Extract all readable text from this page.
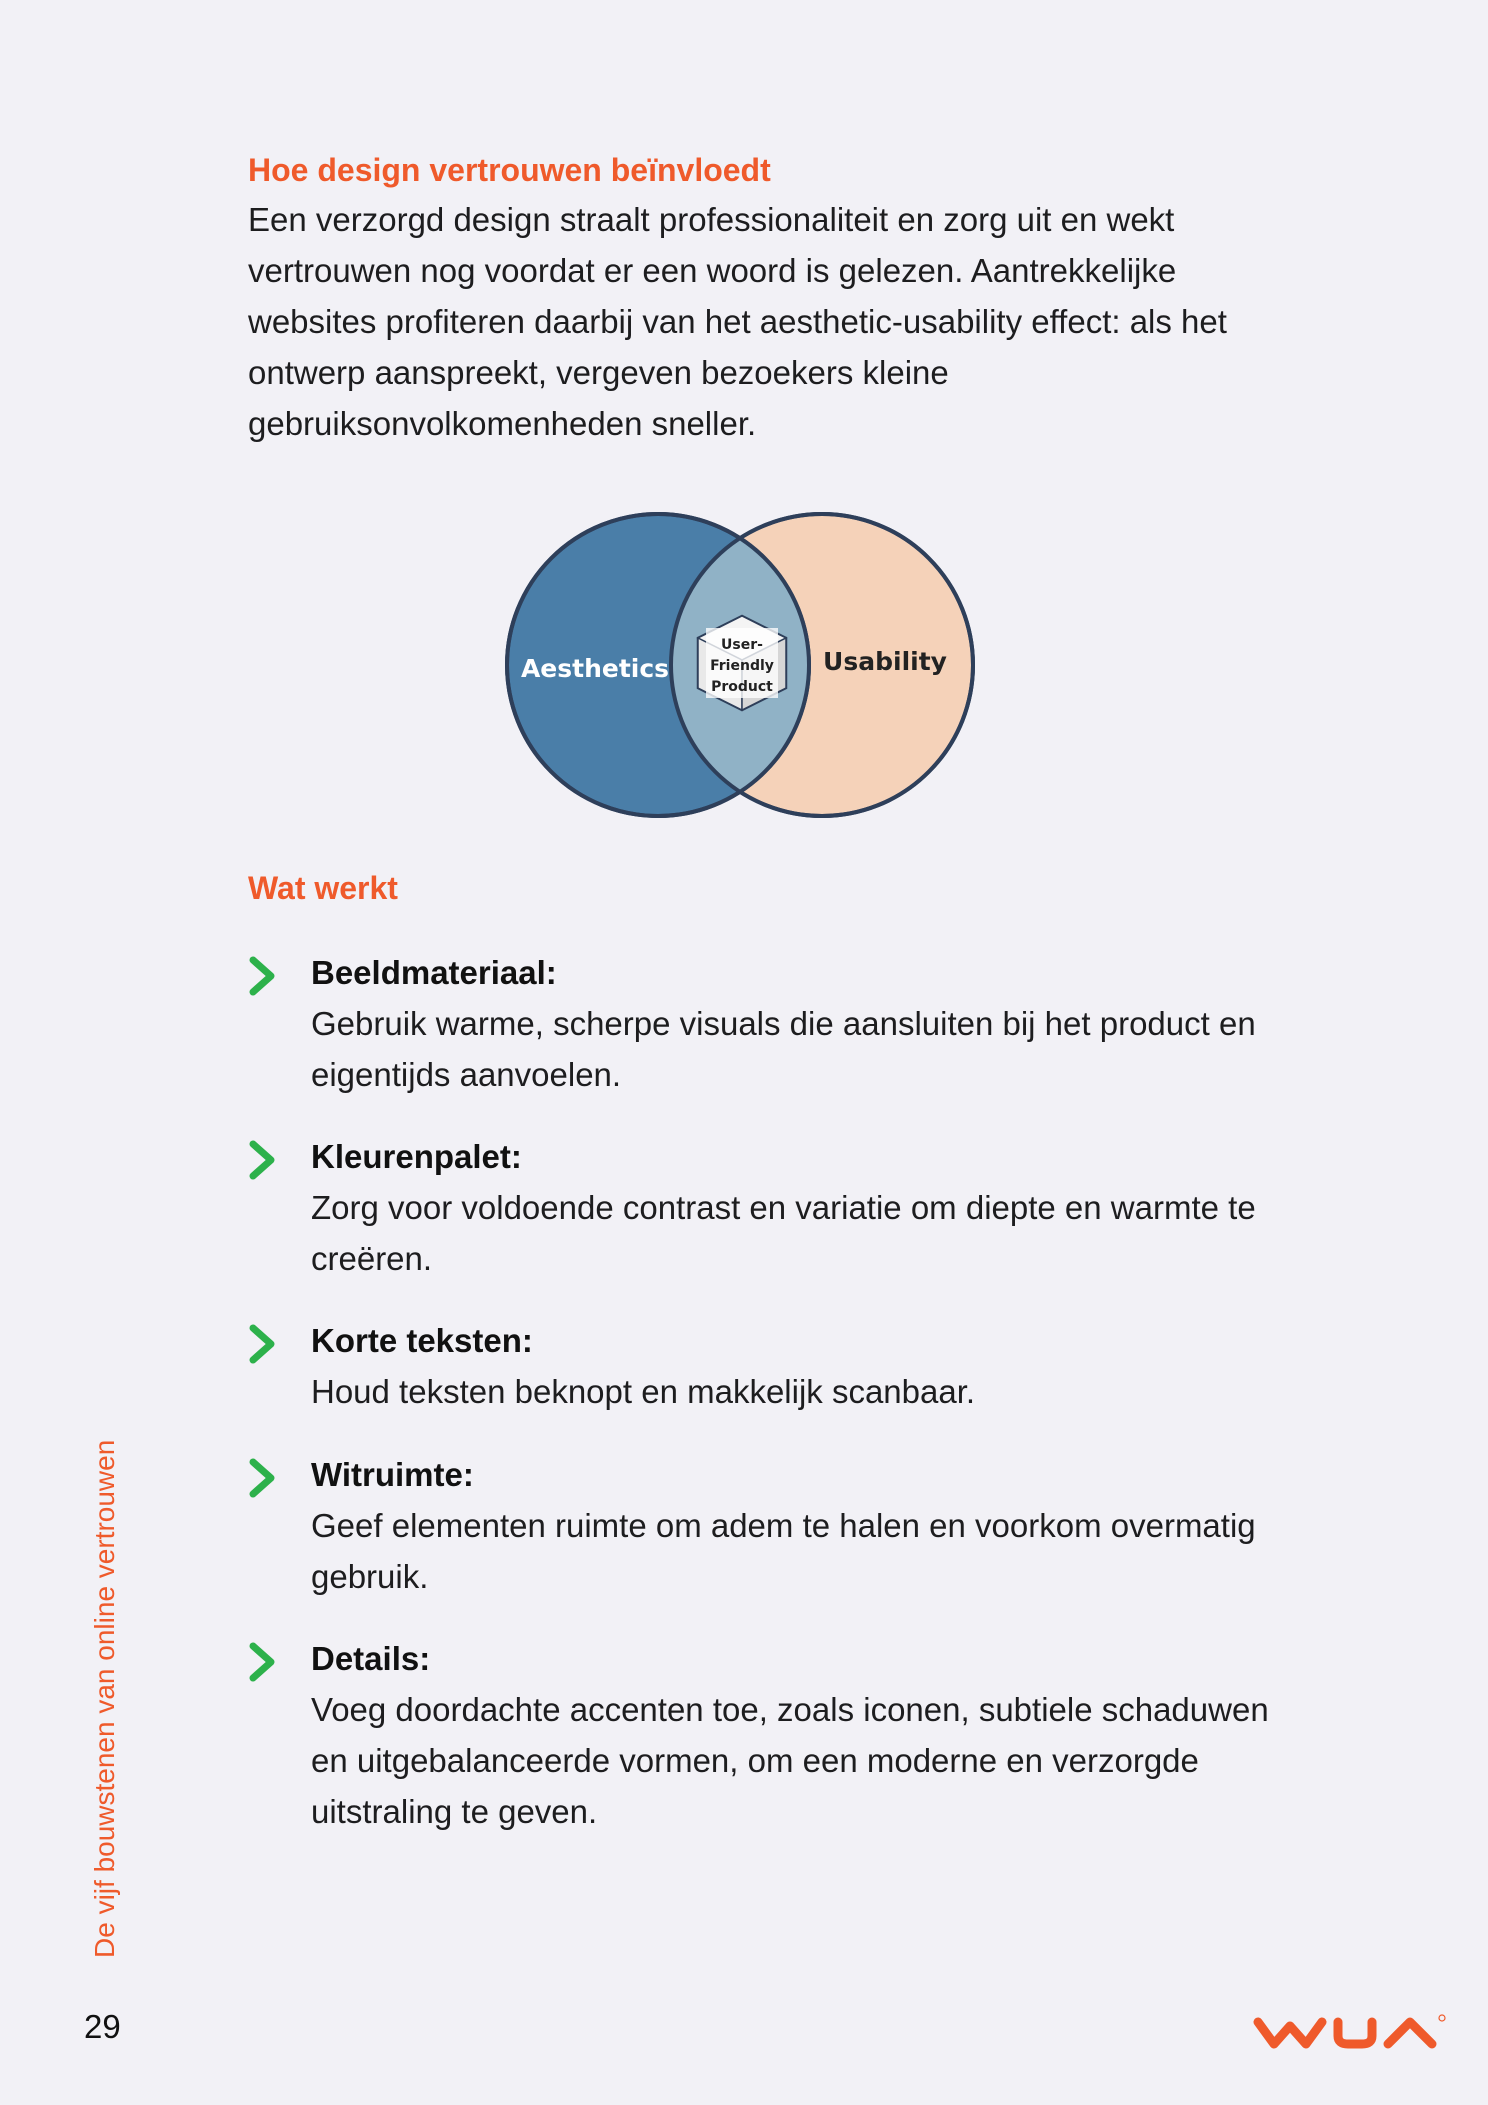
Hoe design vertrouwen beïnvloedt

Een verzorgd design straalt professionaliteit en zorg uit en wekt
vertrouwen nog voordat er een woord is gelezen. Aantrekkelijke
websites profiteren daarbij van het aesthetic-usability effect: als het
ontwerp aanspreekt, vergeven bezoekers kleine
gebruiksonvolkomenheden sneller.

User-
Friendly
Product
Aesthetics	Usability
Wat werkt

Beeldmateriaal:

Gebruik warme, scherpe visuals die aansluiten bij het product en
eigentijds aanvoelen.

Kleurenpalet:

Zorg voor voldoende contrast en variatie om diepte en warmte te
creëren.

Korte teksten:

Houd teksten beknopt en makkelijk scanbaar.

Witruimte:

Geef elementen ruimte om adem te halen en voorkom overmatig
gebruik.

Details:

Voeg doordachte accenten toe, zoals iconen, subtiele schaduwen
en uitgebalanceerde vormen, om een moderne en verzorgde
uitstraling te geven.

De vijf bouwstenen van online vertrouwen
29
